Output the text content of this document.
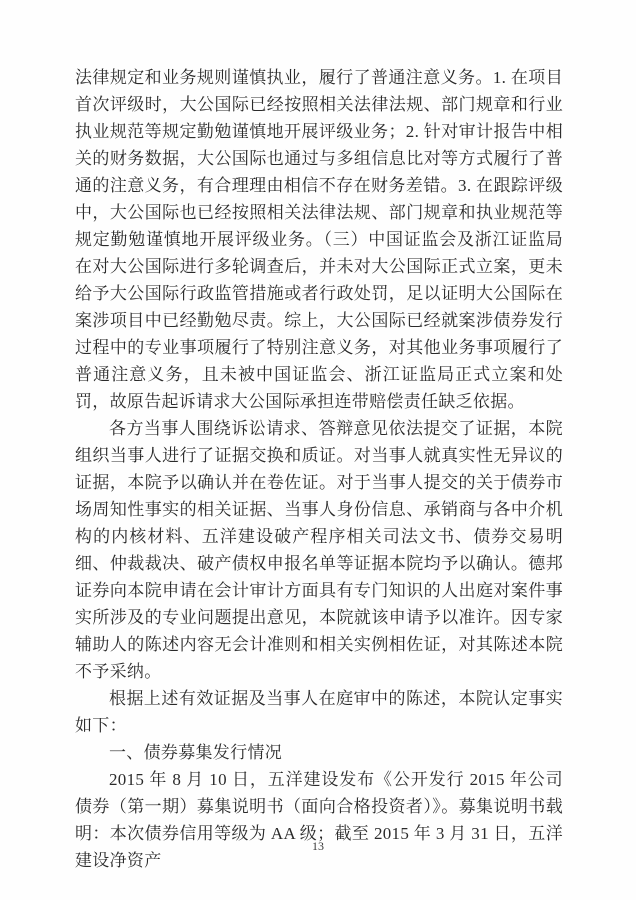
法律规定和业务规则谨慎执业，履行了普通注意义务。1. 在项目首次评级时，大公国际已经按照相关法律法规、部门规章和行业执业规范等规定勤勉谨慎地开展评级业务；2. 针对审计报告中相关的财务数据，大公国际也通过与多组信息比对等方式履行了普通的注意义务，有合理理由相信不存在财务差错。3. 在跟踪评级中，大公国际也已经按照相关法律法规、部门规章和执业规范等规定勤勉谨慎地开展评级业务。（三）中国证监会及浙江证监局在对大公国际进行多轮调查后，并未对大公国际正式立案，更未给予大公国际行政监管措施或者行政处罚，足以证明大公国际在案涉项目中已经勤勉尽责。综上，大公国际已经就案涉债券发行过程中的专业事项履行了特别注意义务，对其他业务事项履行了普通注意义务，且未被中国证监会、浙江证监局正式立案和处罚，故原告起诉请求大公国际承担连带赔偿责任缺乏依据。

各方当事人围绕诉讼请求、答辩意见依法提交了证据，本院组织当事人进行了证据交换和质证。对当事人就真实性无异议的证据，本院予以确认并在卷佐证。对于当事人提交的关于债券市场周知性事实的相关证据、当事人身份信息、承销商与各中介机构的内核材料、五洋建设破产程序相关司法文书、债券交易明细、仲裁裁决、破产债权申报名单等证据本院均予以确认。德邦证券向本院申请在会计审计方面具有专门知识的人出庭对案件事实所涉及的专业问题提出意见，本院就该申请予以准许。因专家辅助人的陈述内容无会计准则和相关实例相佐证，对其陈述本院不予采纳。

根据上述有效证据及当事人在庭审中的陈述，本院认定事实如下：

一、债券募集发行情况

2015 年 8 月 10 日，五洋建设发布《公开发行 2015 年公司债券（第一期）募集说明书（面向合格投资者）》。募集说明书载明：本次债券信用等级为 AA 级；截至 2015 年 3 月 31 日，五洋建设净资产

13
